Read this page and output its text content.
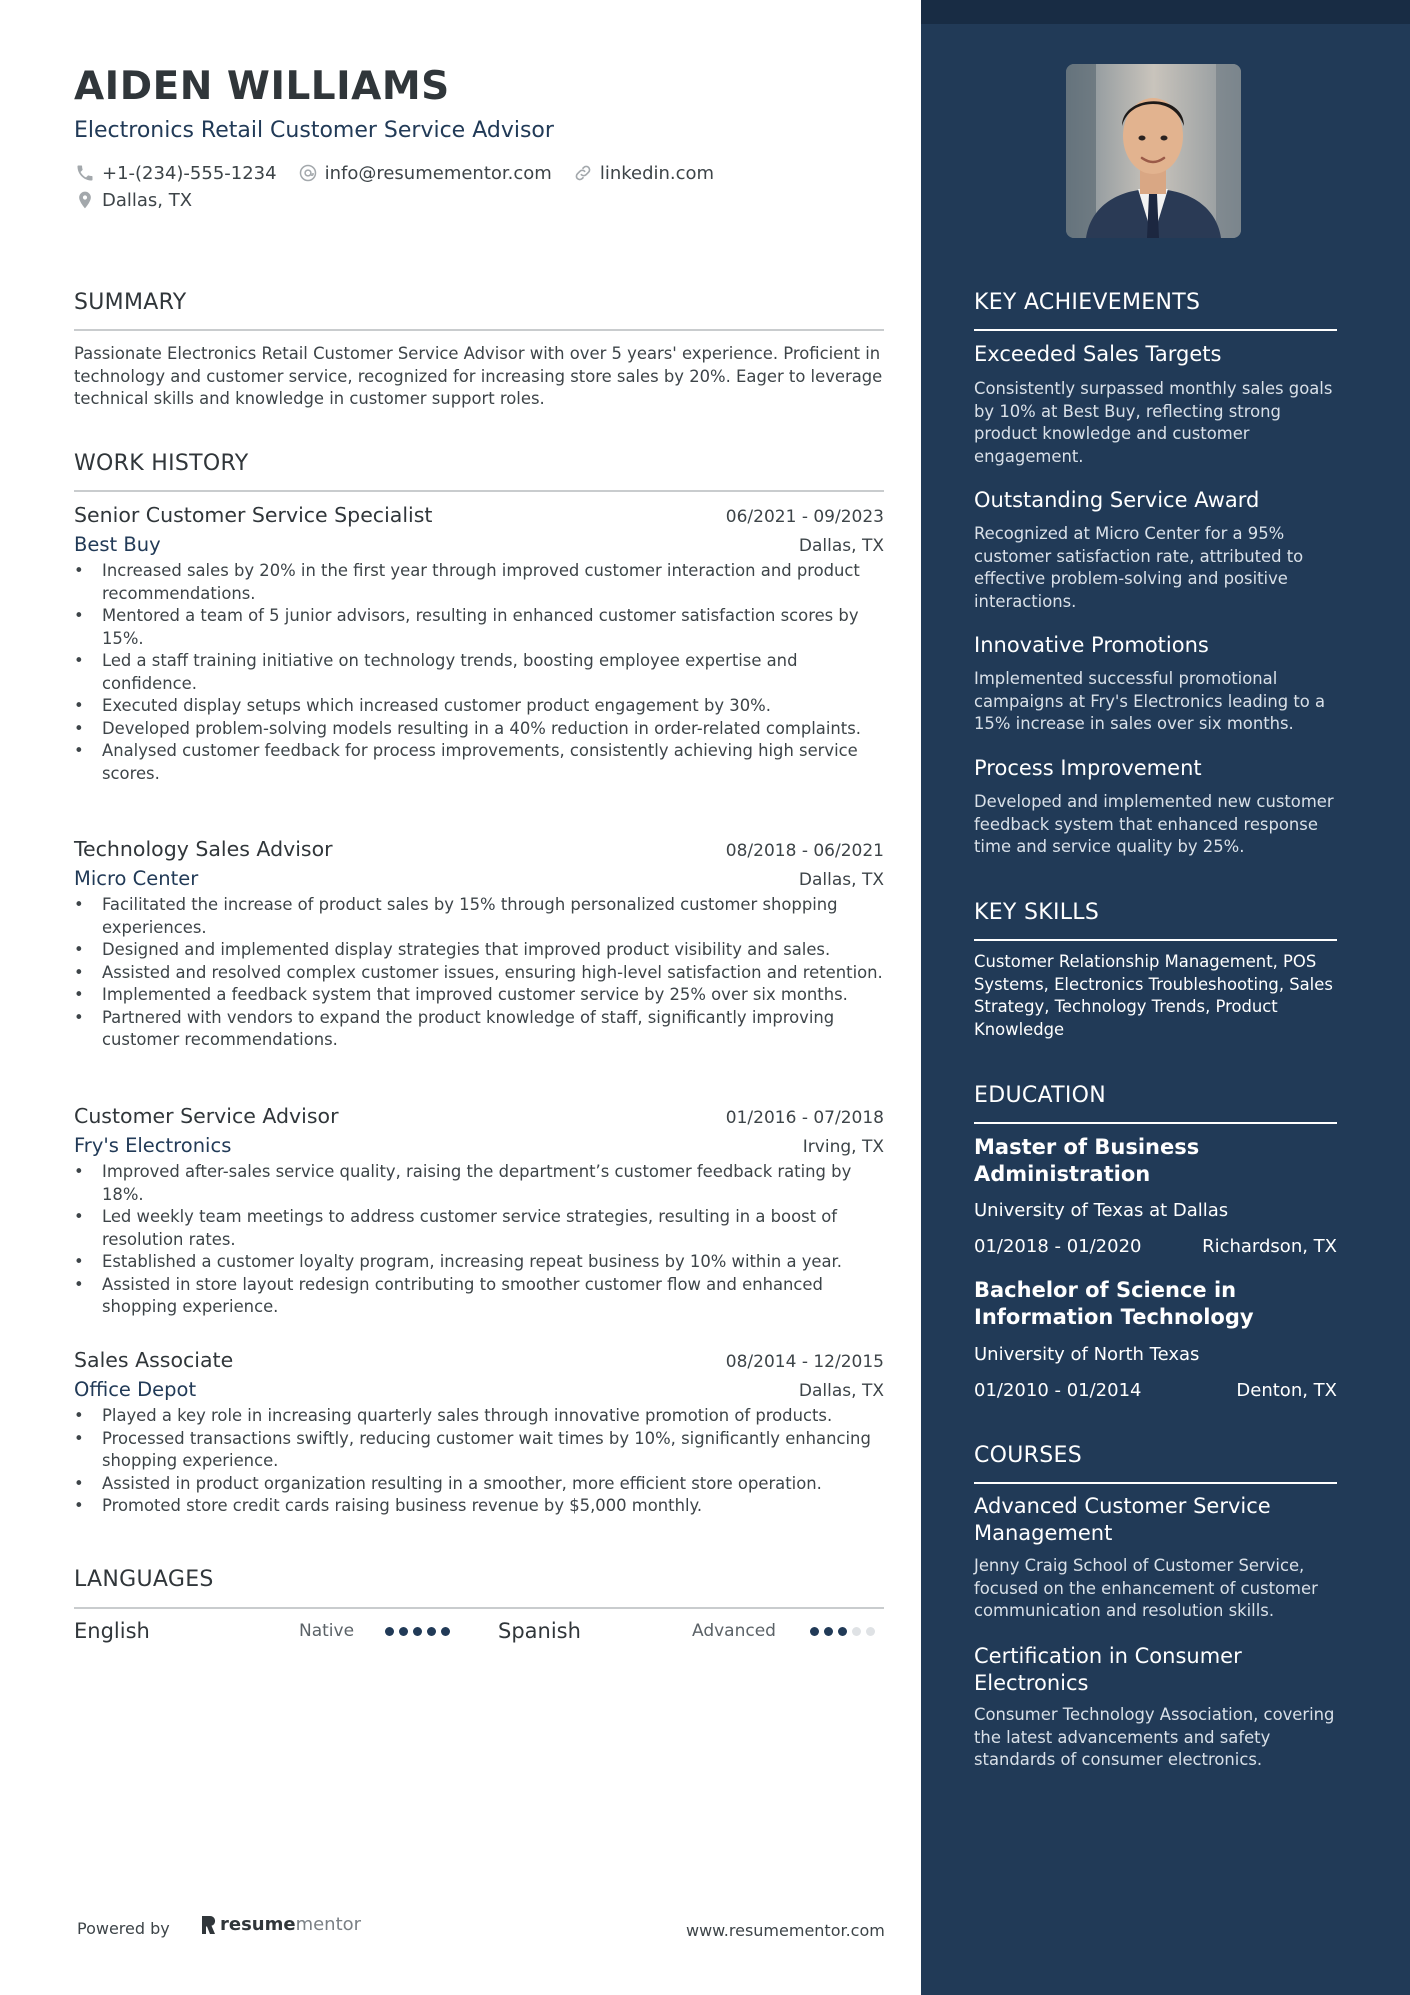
AIDEN WILLIAMS
Electronics Retail Customer Service Advisor
+1-(234)-555-1234	info@resumementor.com	linkedin.com
Dallas, TX
SUMMARY
Passionate Electronics Retail Customer Service Advisor with over 5 years' experience. Proficient in technology and customer service, recognized for increasing store sales by 20%. Eager to leverage technical skills and knowledge in customer support roles.
WORK HISTORY
Senior Customer Service Specialist	06/2021 - 09/2023
Best Buy	Dallas, TX
• Increased sales by 20% in the first year through improved customer interaction and product recommendations.
• Mentored a team of 5 junior advisors, resulting in enhanced customer satisfaction scores by 15%.
• Led a staff training initiative on technology trends, boosting employee expertise and confidence.
• Executed display setups which increased customer product engagement by 30%.
• Developed problem-solving models resulting in a 40% reduction in order-related complaints.
• Analysed customer feedback for process improvements, consistently achieving high service scores.
Technology Sales Advisor	08/2018 - 06/2021
Micro Center	Dallas, TX
• Facilitated the increase of product sales by 15% through personalized customer shopping experiences.
• Designed and implemented display strategies that improved product visibility and sales.
• Assisted and resolved complex customer issues, ensuring high-level satisfaction and retention.
• Implemented a feedback system that improved customer service by 25% over six months.
• Partnered with vendors to expand the product knowledge of staff, significantly improving customer recommendations.
Customer Service Advisor	01/2016 - 07/2018
Fry's Electronics	Irving, TX
• Improved after-sales service quality, raising the department’s customer feedback rating by 18%.
• Led weekly team meetings to address customer service strategies, resulting in a boost of resolution rates.
• Established a customer loyalty program, increasing repeat business by 10% within a year.
• Assisted in store layout redesign contributing to smoother customer flow and enhanced shopping experience.
Sales Associate	08/2014 - 12/2015
Office Depot	Dallas, TX
• Played a key role in increasing quarterly sales through innovative promotion of products.
• Processed transactions swiftly, reducing customer wait times by 10%, significantly enhancing shopping experience.
• Assisted in product organization resulting in a smoother, more efficient store operation.
• Promoted store credit cards raising business revenue by $5,000 monthly.
LANGUAGES
English	Native	Spanish	Advanced
Powered by	resume mentor	www.resumementor.com
KEY ACHIEVEMENTS
Exceeded Sales Targets
Consistently surpassed monthly sales goals by 10% at Best Buy, reflecting strong product knowledge and customer engagement.
Outstanding Service Award
Recognized at Micro Center for a 95% customer satisfaction rate, attributed to effective problem-solving and positive interactions.
Innovative Promotions
Implemented successful promotional campaigns at Fry's Electronics leading to a 15% increase in sales over six months.
Process Improvement
Developed and implemented new customer feedback system that enhanced response time and service quality by 25%.
KEY SKILLS
Customer Relationship Management, POS Systems, Electronics Troubleshooting, Sales Strategy, Technology Trends, Product Knowledge
EDUCATION
Master of Business Administration
University of Texas at Dallas
01/2018 - 01/2020	Richardson, TX
Bachelor of Science in Information Technology
University of North Texas
01/2010 - 01/2014	Denton, TX
COURSES
Advanced Customer Service Management
Jenny Craig School of Customer Service, focused on the enhancement of customer communication and resolution skills.
Certification in Consumer Electronics
Consumer Technology Association, covering the latest advancements and safety standards of consumer electronics.
